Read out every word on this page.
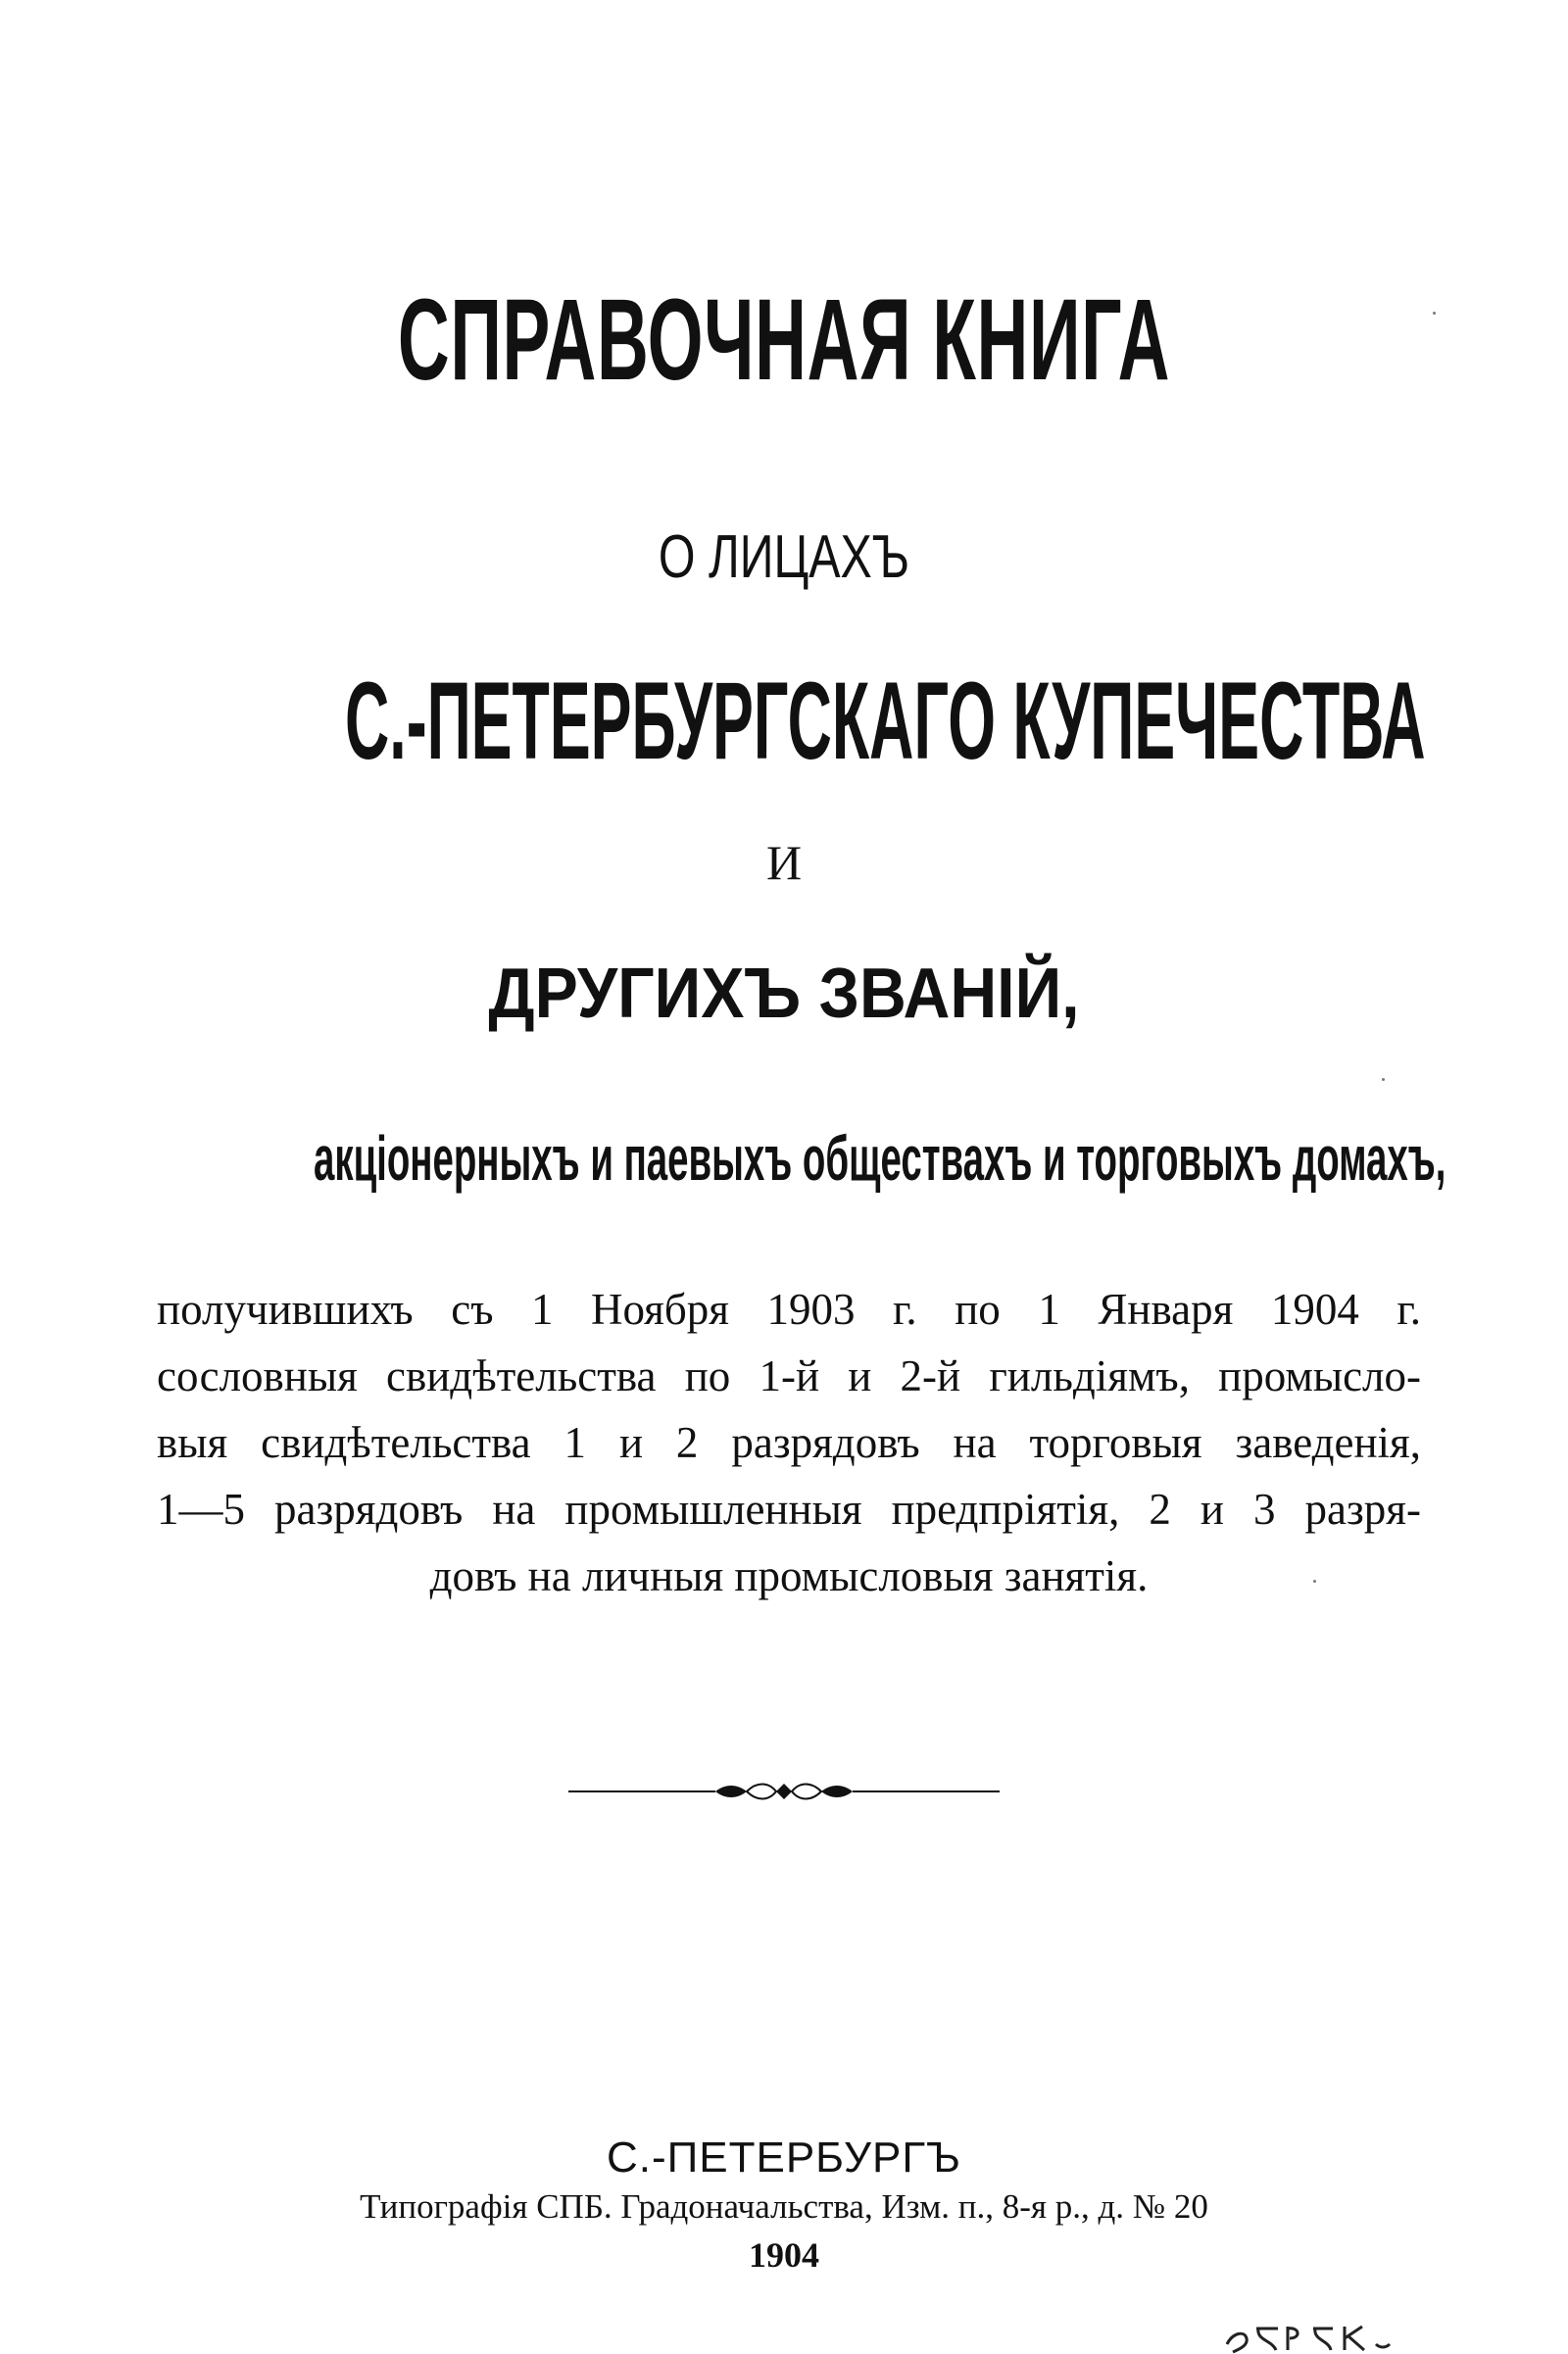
СПРАВОЧНАЯ КНИГА

О ЛИЦАХЪ

С.-ПЕТЕРБУРГСКАГО КУПЕЧЕСТВА

И

ДРУГИХЪ ЗВАНІЙ,

акціонерныхъ и паевыхъ обществахъ и торговыхъ домахъ,

получившихъ съ 1 Ноября 1903 г. по 1 Января 1904 г.
сословныя свидѣтельства по 1-й и 2-й гильдіямъ, промысло-
выя свидѣтельства 1 и 2 разрядовъ на торговыя заведенія,
1—5 разрядовъ на промышленныя предпріятія, 2 и 3 разря-
довъ на личныя промысловыя занятія.

С.-ПЕТЕРБУРГЪ

Типографія СПБ. Градоначальства, Изм. п., 8-я р., д. № 20

1904
